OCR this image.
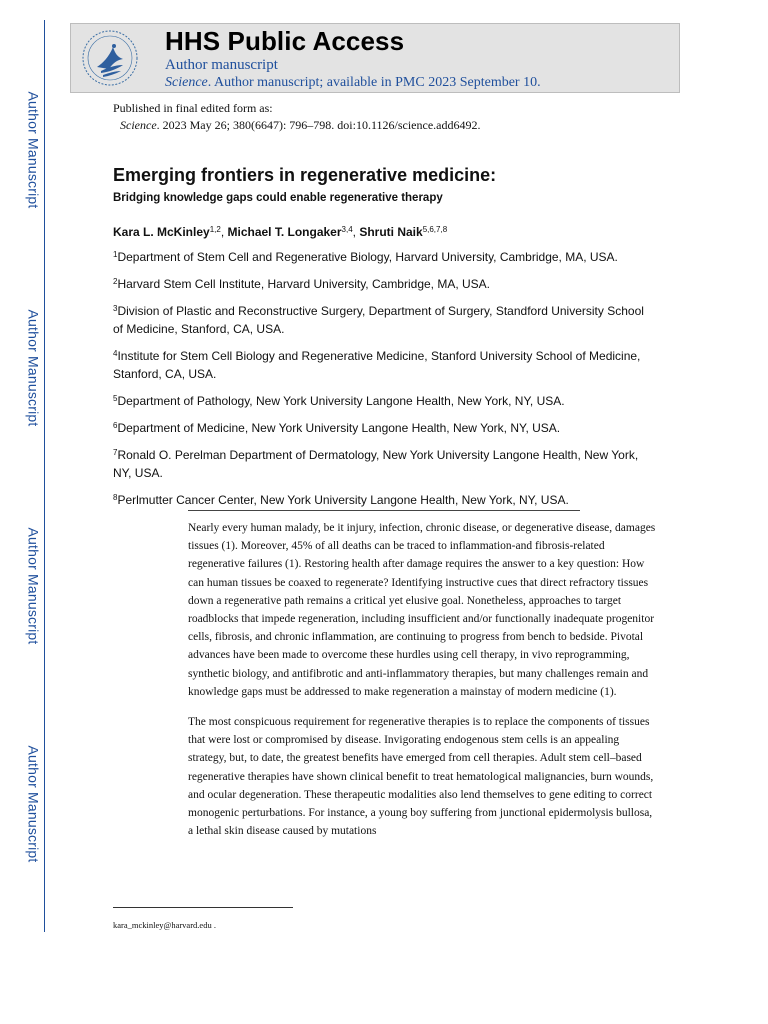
Author Manuscript
Author Manuscript
Author Manuscript
Author Manuscript
HHS Public Access
Author manuscript
Science. Author manuscript; available in PMC 2023 September 10.
Published in final edited form as:
Science. 2023 May 26; 380(6647): 796–798. doi:10.1126/science.add6492.
Emerging frontiers in regenerative medicine:
Bridging knowledge gaps could enable regenerative therapy
Kara L. McKinley$^{1,2}$, Michael T. Longaker$^{3,4}$, Shruti Naik$^{5,6,7,8}$
$^1$Department of Stem Cell and Regenerative Biology, Harvard University, Cambridge, MA, USA.
$^2$Harvard Stem Cell Institute, Harvard University, Cambridge, MA, USA.
$^3$Division of Plastic and Reconstructive Surgery, Department of Surgery, Standford University School of Medicine, Stanford, CA, USA.
$^4$Institute for Stem Cell Biology and Regenerative Medicine, Stanford University School of Medicine, Stanford, CA, USA.
$^5$Department of Pathology, New York University Langone Health, New York, NY, USA.
$^6$Department of Medicine, New York University Langone Health, New York, NY, USA.
$^7$Ronald O. Perelman Department of Dermatology, New York University Langone Health, New York, NY, USA.
$^8$Perlmutter Cancer Center, New York University Langone Health, New York, NY, USA.

Nearly every human malady, be it injury, infection, chronic disease, or degenerative disease, damages tissues (1). Moreover, 45% of all deaths can be traced to inflammation-and fibrosis-related regenerative failures (1). Restoring health after damage requires the answer to a key question: How can human tissues be coaxed to regenerate? Identifying instructive cues that direct refractory tissues down a regenerative path remains a critical yet elusive goal. Nonetheless, approaches to target roadblocks that impede regeneration, including insufficient and/or functionally inadequate progenitor cells, fibrosis, and chronic inflammation, are continuing to progress from bench to bedside. Pivotal advances have been made to overcome these hurdles using cell therapy, in vivo reprogramming, synthetic biology, and antifibrotic and anti-inflammatory therapies, but many challenges remain and knowledge gaps must be addressed to make regeneration a mainstay of modern medicine (1).

The most conspicuous requirement for regenerative therapies is to replace the components of tissues that were lost or compromised by disease. Invigorating endogenous stem cells is an appealing strategy, but, to date, the greatest benefits have emerged from cell therapies. Adult stem cell–based regenerative therapies have shown clinical benefit to treat hematological malignancies, burn wounds, and ocular degeneration. These therapeutic modalities also lend themselves to gene editing to correct monogenic perturbations. For instance, a young boy suffering from junctional epidermolysis bullosa, a lethal skin disease caused by mutations

kara_mckinley@harvard.edu .
